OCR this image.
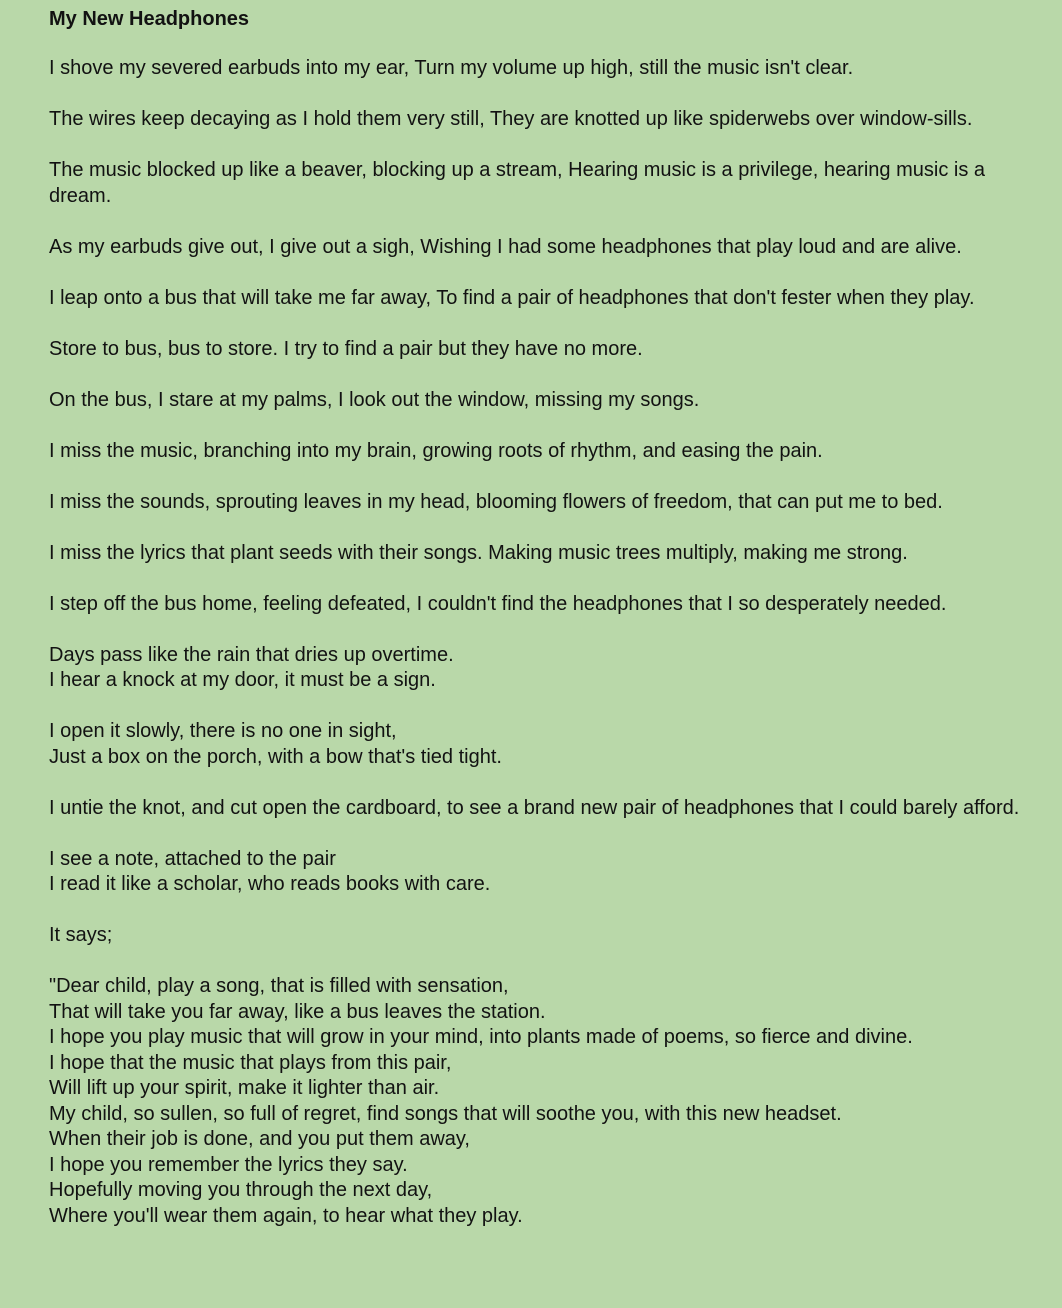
My New Headphones

I shove my severed earbuds into my ear, Turn my volume up high, still the music isn't clear.

The wires keep decaying as I hold them very still, They are knotted up like spiderwebs over window-sills.

The music blocked up like a beaver, blocking up a stream, Hearing music is a privilege, hearing music is a dream.

As my earbuds give out, I give out a sigh, Wishing I had some headphones that play loud and are alive.

I leap onto a bus that will take me far away, To find a pair of headphones that don't fester when they play.

Store to bus, bus to store. I try to find a pair but they have no more.

On the bus, I stare at my palms, I look out the window, missing my songs.

I miss the music, branching into my brain, growing roots of rhythm, and easing the pain.

I miss the sounds, sprouting leaves in my head, blooming flowers of freedom, that can put me to bed.

I miss the lyrics that plant seeds with their songs. Making music trees multiply, making me strong.

I step off the bus home, feeling defeated, I couldn't find the headphones that I so desperately needed.

Days pass like the rain that dries up overtime.
I hear a knock at my door, it must be a sign.

I open it slowly, there is no one in sight,
Just a box on the porch, with a bow that's tied tight.

I untie the knot, and cut open the cardboard, to see a brand new pair of headphones that I could barely afford.

I see a note, attached to the pair
I read it like a scholar, who reads books with care.

It says;

"Dear child, play a song, that is filled with sensation,
That will take you far away, like a bus leaves the station.
I hope you play music that will grow in your mind, into plants made of poems, so fierce and divine.
I hope that the music that plays from this pair,
Will lift up your spirit, make it lighter than air.
My child, so sullen, so full of regret, find songs that will soothe you, with this new headset.
When their job is done, and you put them away,
I hope you remember the lyrics they say.
Hopefully moving you through the next day,
Where you'll wear them again, to hear what they play.
